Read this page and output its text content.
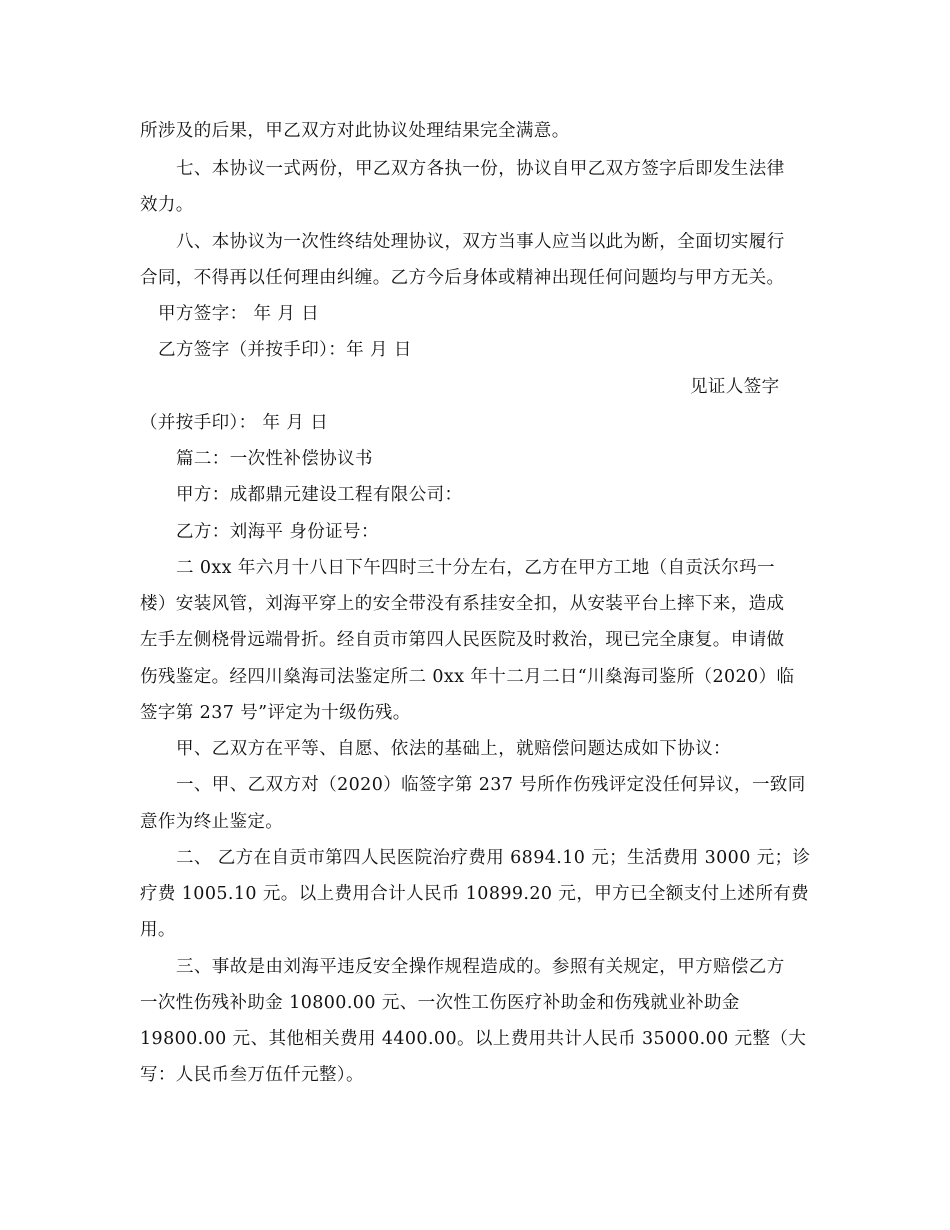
所涉及的后果，甲乙双方对此协议处理结果完全满意。
七、本协议一式两份，甲乙双方各执一份，协议自甲乙双方签字后即发生法律
效力。
八、本协议为一次性终结处理协议，双方当事人应当以此为断，全面切实履行
合同，不得再以任何理由纠缠。乙方今后身体或精神出现任何问题均与甲方无关。
甲方签字： 年 月 日
乙方签字（并按手印）：年 月 日
见证人签字
（并按手印）： 年 月 日
篇二：一次性补偿协议书
甲方：成都鼎元建设工程有限公司：
乙方：刘海平 身份证号：
二 0xx 年六月十八日下午四时三十分左右，乙方在甲方工地（自贡沃尔玛一
楼）安装风管，刘海平穿上的安全带没有系挂安全扣，从安装平台上摔下来，造成
左手左侧桡骨远端骨折。经自贡市第四人民医院及时救治，现已完全康复。申请做
伤残鉴定。经四川燊海司法鉴定所二 0xx 年十二月二日“川燊海司鉴所（2020）临
签字第 237 号”评定为十级伤残。
甲、乙双方在平等、自愿、依法的基础上，就赔偿问题达成如下协议：
一、甲、乙双方对（2020）临签字第 237 号所作伤残评定没任何异议，一致同
意作为终止鉴定。
二、 乙方在自贡市第四人民医院治疗费用 6894.10 元；生活费用 3000 元；诊
疗费 1005.10 元。以上费用合计人民币 10899.20 元，甲方已全额支付上述所有费
用。
三、事故是由刘海平违反安全操作规程造成的。参照有关规定，甲方赔偿乙方
一次性伤残补助金 10800.00 元、一次性工伤医疗补助金和伤残就业补助金
19800.00 元、其他相关费用 4400.00。以上费用共计人民币 35000.00 元整（大
写：人民币叁万伍仟元整）。
